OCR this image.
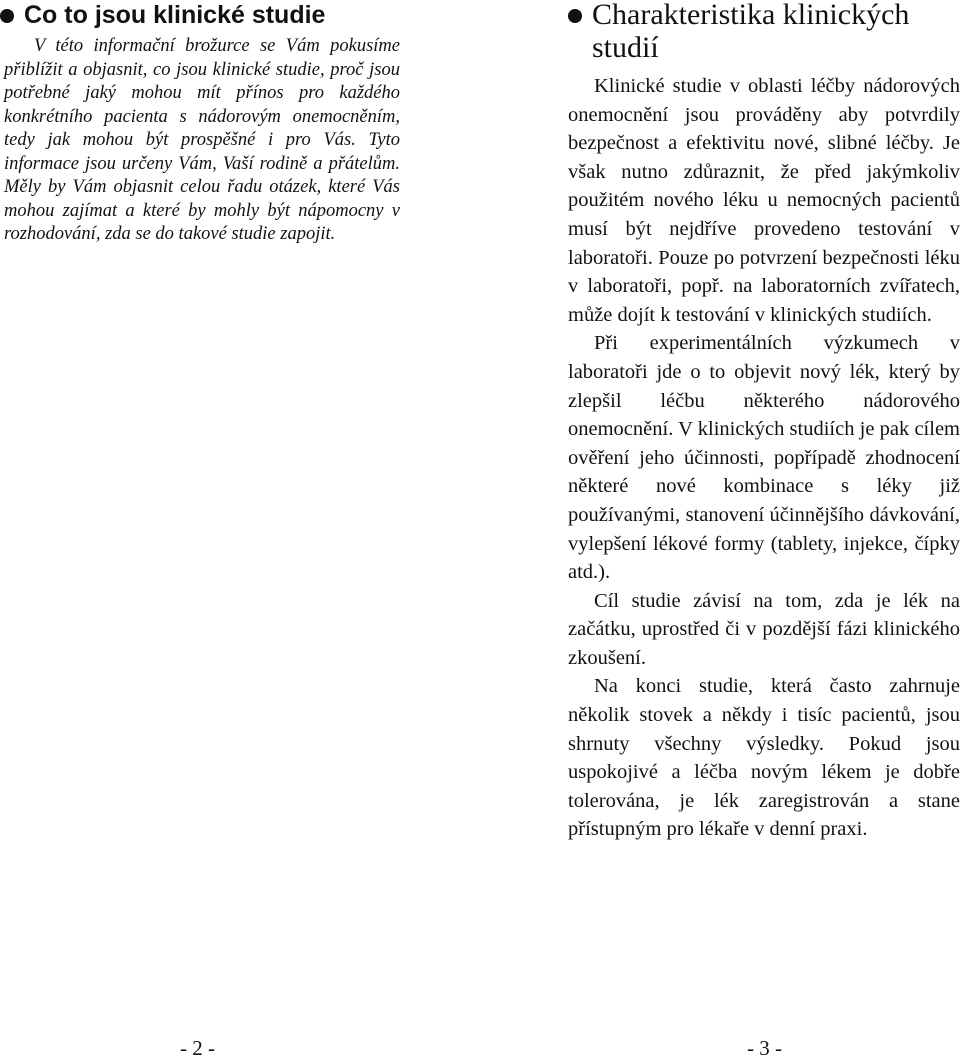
Co to jsou klinické studie

V této informační brožurce se Vám pokusíme přiblížit a objasnit, co jsou klinické studie, proč jsou potřebné jaký mohou mít přínos pro každého konkrétního pacienta s nádorovým onemocněním, tedy jak mohou být prospěšné i pro Vás. Tyto informace jsou určeny Vám, Vaší rodině a přátelům. Měly by Vám objasnit celou řadu otázek, které Vás mohou zajímat a které by mohly být nápomocny v rozhodování, zda se do takové studie zapojit.

Charakteristika klinických studií

Klinické studie v oblasti léčby nádorových onemocnění jsou prováděny aby potvrdily bezpečnost a efektivitu nové, slibné léčby. Je však nutno zdůraznit, že před jakýmkoliv použitém nového léku u nemocných pacientů musí být nejdříve provedeno testování v laboratoři. Pouze po potvrzení bezpečnosti léku v laboratoři, popř. na laboratorních zvířatech, může dojít k testování v klinických studiích.

Při experimentálních výzkumech v laboratoři jde o to objevit nový lék, který by zlepšil léčbu některého nádorového onemocnění. V klinických studiích je pak cílem ověření jeho účinnosti, popřípadě zhodnocení některé nové kombinace s léky již používanými, stanovení účinnějšího dávkování, vylepšení lékové formy (tablety, injekce, čípky atd.).

Cíl studie závisí na tom, zda je lék na začátku, uprostřed či v pozdější fázi klinického zkoušení.

Na konci studie, která často zahrnuje několik stovek a někdy i tisíc pacientů, jsou shrnuty všechny výsledky. Pokud jsou uspokojivé a léčba novým lékem je dobře tolerována, je lék zaregistrován a stane přístupným pro lékaře v denní praxi.

- 2 -	- 3 -
